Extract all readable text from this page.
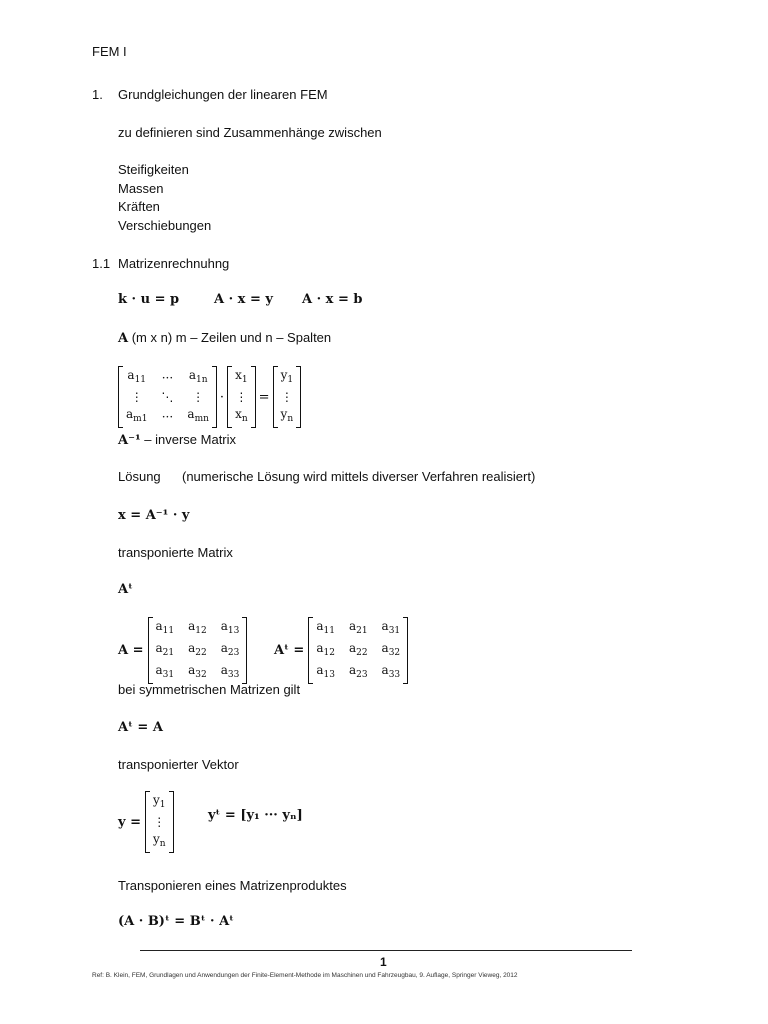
FEM I
1. Grundgleichungen der linearen FEM
zu definieren sind Zusammenhänge zwischen
Steifigkeiten
Massen
Kräften
Verschiebungen
1.1 Matrizenrechnuhng
k · u = p	A · x = y A · x = b
A (m x n) m – Zeilen und n – Spalten
$a_{11}$ ··· $a_{1n}$
⋮	⋱	⋮
$a_{m1}$ ··· $a_{mn}$
·
$x_1$
⋮
$x_n$
=
$y_1$
⋮
$y_n$
A⁻¹ – inverse Matrix
Lösung (numerische Lösung wird mittels diverser Verfahren realisiert)
x = A⁻¹ · y
transponierte Matrix
Aᵗ
A =
$a_{11}$ $a_{12}$ $a_{13}$
$a_{21}$ $a_{22}$ $a_{23}$
$a_{31}$ $a_{32}$ $a_{33}$
Aᵗ =
$a_{11}$ $a_{21}$ $a_{31}$
$a_{12}$ $a_{22}$ $a_{32}$
$a_{13}$ $a_{23}$ $a_{33}$
bei symmetrischen Matrizen gilt
Aᵗ = A
transponierter Vektor
y =
$y_1$
⋮
$y_n$
yᵗ = [y₁ ··· yₙ]
Transponieren eines Matrizenproduktes
(A · B)ᵗ = Bᵗ · Aᵗ
1
Ref: B. Klein, FEM, Grundlagen und Anwendungen der Finite-Element-Methode im Maschinen und Fahrzeugbau, 9. Auflage, Springer Vieweg, 2012
